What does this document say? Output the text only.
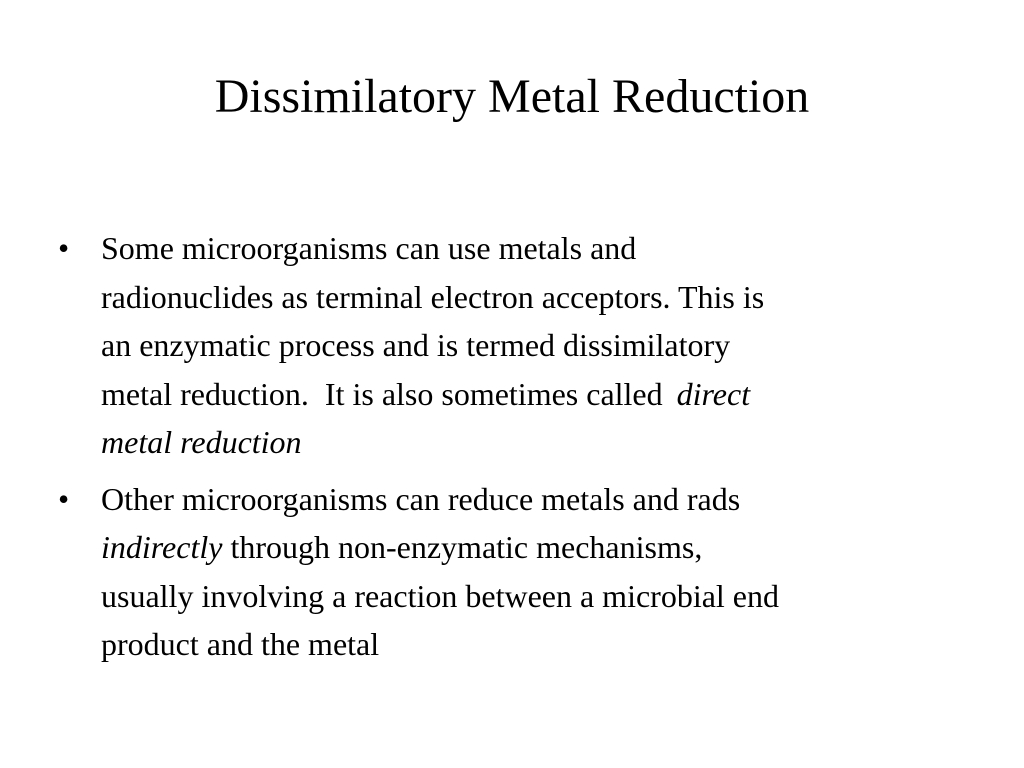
Dissimilatory Metal Reduction
• Some microorganisms can use metals and
radionuclides as terminal electron acceptors. This is
an enzymatic process and is termed dissimilatory
metal reduction.  It is also sometimes called direct
metal reduction
• Other microorganisms can reduce metals and rads
indirectly through non-enzymatic mechanisms,
usually involving a reaction between a microbial end
product and the metal
